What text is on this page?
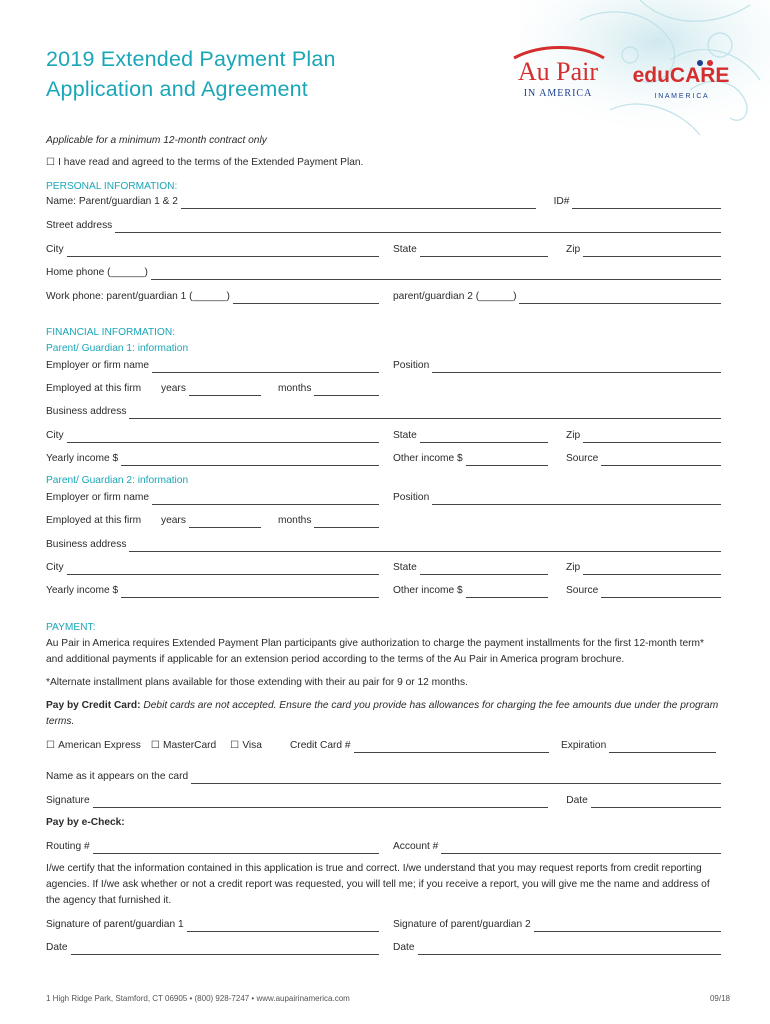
2019 Extended Payment Plan
Application and Agreement
Au Pair
IN AMERICA
eduCARE
I N A M E R I C A
Applicable for a minimum 12-month contract only
☐ I have read and agreed to the terms of the Extended Payment Plan.
PERSONAL INFORMATION:
Name: Parent/guardian 1 & 2	ID#
Street address
City	State	Zip
Home phone (______)
Work phone: parent/guardian 1 (______)	parent/guardian 2 (______)
FINANCIAL INFORMATION:
Parent/ Guardian 1: information
Employer or firm name	Position
Employed at this firm	years	months
Business address
City	State	Zip
Yearly income $	Other income $	Source
Parent/ Guardian 2: information
Employer or firm name	Position
Employed at this firm	years	months
Business address
City	State	Zip
Yearly income $	Other income $	Source
PAYMENT:
Au Pair in America requires Extended Payment Plan participants give authorization to charge the payment installments for the first 12-month term* and additional payments if applicable for an extension period according to the terms of the Au Pair in America program brochure.
*Alternate installment plans available for those extending with their au pair for 9 or 12 months.
Pay by Credit Card: Debit cards are not accepted. Ensure the card you provide has allowances for charging the fee amounts due under the program terms.
☐ American Express ☐ MasterCard ☐ Visa	Credit Card #	Expiration
Name as it appears on the card
Signature	Date
Pay by e-Check:
Routing #	Account #
I/we certify that the information contained in this application is true and correct. I/we understand that you may request reports from credit reporting agencies. If I/we ask whether or not a credit report was requested, you will tell me; if you receive a report, you will give me the name and address of the agency that furnished it.
Signature of parent/guardian 1	Signature of parent/guardian 2
Date	Date
1 High Ridge Park, Stamford, CT 06905 • (800) 928-7247 • www.aupairinamerica.com	09/18
